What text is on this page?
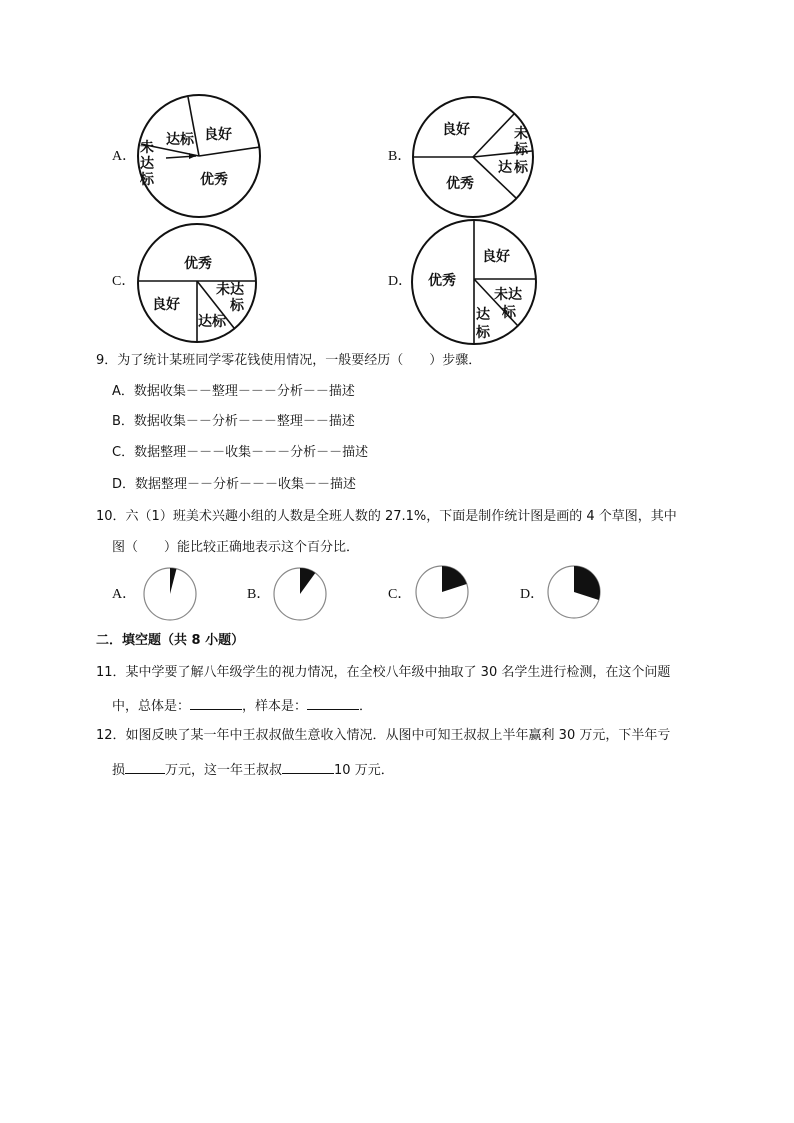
A．
良好
达标
未
达
标	优秀
B．
良好	未
标
达 标
优秀
C．
优秀
良好
未达
标
达标
D． 优秀
良好
未达
标
达
标
9．为了统计某班同学零花钱使用情况，一般要经历（　　）步骤．
A．数据收集－－整理－－－分析－－描述
B．数据收集－－分析－－－整理－－描述
C．数据整理－－－收集－－－分析－－描述
D．数据整理－－分析－－－收集－－描述
10．六（1）班美术兴趣小组的人数是全班人数的 27.1%，下面是制作统计图是画的 4 个草图，其中
图（　　）能比较正确地表示这个百分比．
A．	B．	C．	D．
二．填空题（共 8 小题）
11．某中学要了解八年级学生的视力情况，在全校八年级中抽取了 30 名学生进行检测，在这个问题
中，总体是：	，样本是：	．
12．如图反映了某一年中王叔叔做生意收入情况．从图中可知王叔叔上半年赢利 30 万元，下半年亏
损	万元，这一年王叔叔	10 万元．
